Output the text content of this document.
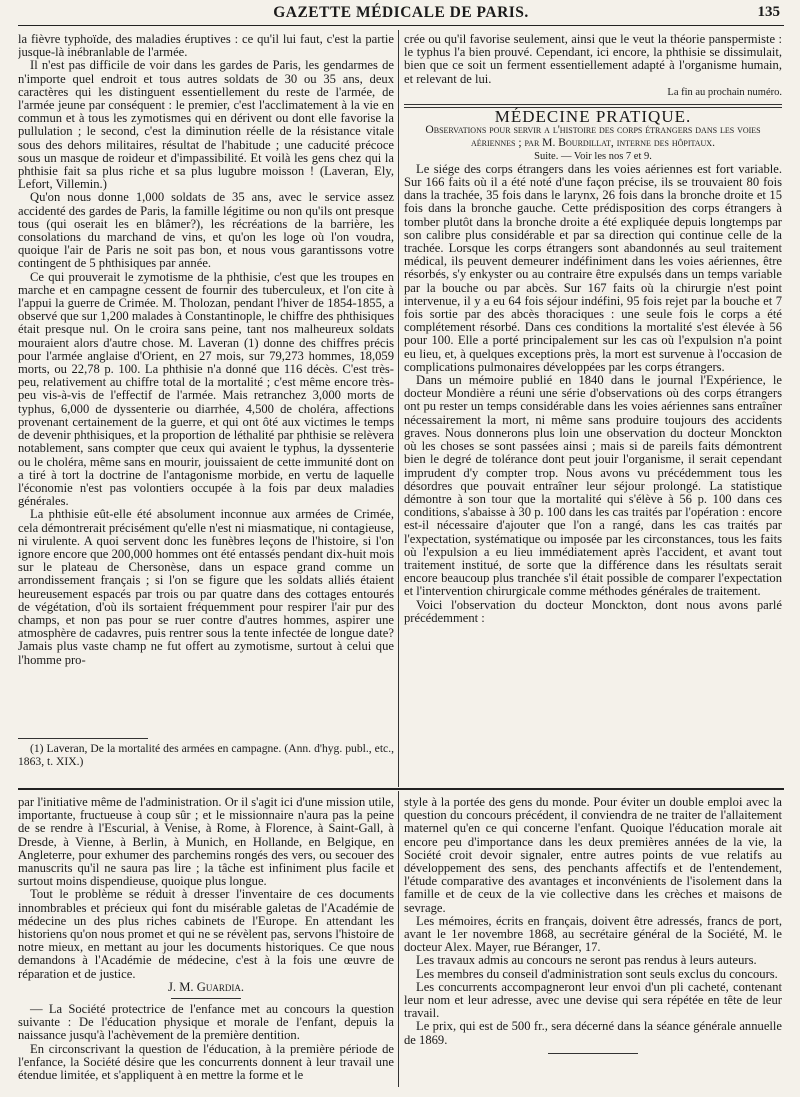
GAZETTE MÉDICALE DE PARIS.	135

la fièvre typhoïde, des maladies éruptives : ce qu'il lui faut, c'est la partie jusque-là inébranlable de l'armée.

Il n'est pas difficile de voir dans les gardes de Paris, les gendarmes de n'importe quel endroit et tous autres soldats de 30 ou 35 ans, deux caractères qui les distinguent essentiellement du reste de l'armée, de l'armée jeune par conséquent : le premier, c'est l'acclimatement à la vie en commun et à tous les zymotismes qui en dérivent ou dont elle favorise la pullulation ; le second, c'est la diminution réelle de la résistance vitale sous des dehors militaires, résultat de l'habitude ; une caducité précoce sous un masque de roideur et d'impassibilité. Et voilà les gens chez qui la phthisie fait sa plus riche et sa plus lugubre moisson ! (Laveran, Ely, Lefort, Villemin.)

Qu'on nous donne 1,000 soldats de 35 ans, avec le service assez accidenté des gardes de Paris, la famille légitime ou non qu'ils ont presque tous (qui oserait les en blâmer?), les récréations de la barrière, les consolations du marchand de vins, et qu'on les loge où l'on voudra, quoique l'air de Paris ne soit pas bon, et nous vous garantissons votre contingent de 5 phthisiques par année.

Ce qui prouverait le zymotisme de la phthisie, c'est que les troupes en marche et en campagne cessent de fournir des tuberculeux, et l'on cite à l'appui la guerre de Crimée. M. Tholozan, pendant l'hiver de 1854-1855, a observé que sur 1,200 malades à Constantinople, le chiffre des phthisiques était presque nul. On le croira sans peine, tant nos malheureux soldats mouraient alors d'autre chose. M. Laveran (1) donne des chiffres précis pour l'armée anglaise d'Orient, en 27 mois, sur 79,273 hommes, 18,059 morts, ou 22,78 p. 100. La phthisie n'a donné que 116 décès. C'est très-peu, relativement au chiffre total de la mortalité ; c'est même encore très-peu vis-à-vis de l'effectif de l'armée. Mais retranchez 3,000 morts de typhus, 6,000 de dyssenterie ou diarrhée, 4,500 de choléra, affections provenant certainement de la guerre, et qui ont ôté aux victimes le temps de devenir phthisiques, et la proportion de léthalité par phthisie se relèvera notablement, sans compter que ceux qui avaient le typhus, la dyssenterie ou le choléra, même sans en mourir, jouissaient de cette immunité dont on a tiré à tort la doctrine de l'antagonisme morbide, en vertu de laquelle l'économie n'est pas volontiers occupée à la fois par deux maladies générales.

La phthisie eût-elle été absolument inconnue aux armées de Crimée, cela démontrerait précisément qu'elle n'est ni miasmatique, ni contagieuse, ni virulente. A quoi servent donc les funèbres leçons de l'histoire, si l'on ignore encore que 200,000 hommes ont été entassés pendant dix-huit mois sur le plateau de Chersonèse, dans un espace grand comme un arrondissement français ; si l'on se figure que les soldats alliés étaient heureusement espacés par trois ou par quatre dans des cottages entourés de végétation, d'où ils sortaient fréquemment pour respirer l'air pur des champs, et non pas pour se ruer contre d'autres hommes, aspirer une atmosphère de cadavres, puis rentrer sous la tente infectée de longue date? Jamais plus vaste champ ne fut offert au zymotisme, surtout à celui que l'homme pro-

(1) Laveran, De la mortalité des armées en campagne. (Ann. d'hyg. publ., etc., 1863, t. XIX.)

crée ou qu'il favorise seulement, ainsi que le veut la théorie panspermiste : le typhus l'a bien prouvé. Cependant, ici encore, la phthisie se dissimulait, bien que ce soit un ferment essentiellement adapté à l'organisme humain, et relevant de lui.

La fin au prochain numéro.

MÉDECINE PRATIQUE.

Observations pour servir a l'histoire des corps étrangers dans les voies aériennes ; par M. Bourdillat, interne des hôpitaux.

Suite. — Voir les nos 7 et 9.

Le siége des corps étrangers dans les voies aériennes est fort variable. Sur 166 faits où il a été noté d'une façon précise, ils se trouvaient 80 fois dans la trachée, 35 fois dans le larynx, 26 fois dans la bronche droite et 15 fois dans la bronche gauche. Cette prédisposition des corps étrangers à tomber plutôt dans la bronche droite a été expliquée depuis longtemps par son calibre plus considérable et par sa direction qui continue celle de la trachée. Lorsque les corps étrangers sont abandonnés au seul traitement médical, ils peuvent demeurer indéfiniment dans les voies aériennes, être résorbés, s'y enkyster ou au contraire être expulsés dans un temps variable par la bouche ou par abcès. Sur 167 faits où la chirurgie n'est point intervenue, il y a eu 64 fois séjour indéfini, 95 fois rejet par la bouche et 7 fois sortie par des abcès thoraciques : une seule fois le corps a été complétement résorbé. Dans ces conditions la mortalité s'est élevée à 56 pour 100. Elle a porté principalement sur les cas où l'expulsion n'a point eu lieu, et, à quelques exceptions près, la mort est survenue à l'occasion de complications pulmonaires développées par les corps étrangers.

Dans un mémoire publié en 1840 dans le journal l'Expérience, le docteur Mondière a réuni une série d'observations où des corps étrangers ont pu rester un temps considérable dans les voies aériennes sans entraîner nécessairement la mort, ni même sans produire toujours des accidents graves. Nous donnerons plus loin une observation du docteur Monckton où les choses se sont passées ainsi ; mais si de pareils faits démontrent bien le degré de tolérance dont peut jouir l'organisme, il serait cependant imprudent d'y compter trop. Nous avons vu précédemment tous les désordres que pouvait entraîner leur séjour prolongé. La statistique démontre à son tour que la mortalité qui s'élève à 56 p. 100 dans ces conditions, s'abaisse à 30 p. 100 dans les cas traités par l'opération : encore est-il nécessaire d'ajouter que l'on a rangé, dans les cas traités par l'expectation, systématique ou imposée par les circonstances, tous les faits où l'expulsion a eu lieu immédiatement après l'accident, et avant tout traitement institué, de sorte que la différence dans les résultats serait encore beaucoup plus tranchée s'il était possible de comparer l'expectation et l'intervention chirurgicale comme méthodes générales de traitement.

Voici l'observation du docteur Monckton, dont nous avons parlé précédemment :

par l'initiative même de l'administration. Or il s'agit ici d'une mission utile, importante, fructueuse à coup sûr ; et le missionnaire n'aura pas la peine de se rendre à l'Escurial, à Venise, à Rome, à Florence, à Saint-Gall, à Dresde, à Vienne, à Berlin, à Munich, en Hollande, en Belgique, en Angleterre, pour exhumer des parchemins rongés des vers, ou secouer des manuscrits qu'il ne saura pas lire ; la tâche est infiniment plus facile et surtout moins dispendieuse, quoique plus longue.

Tout le problème se réduit à dresser l'inventaire de ces documents innombrables et précieux qui font du misérable galetas de l'Académie de médecine un des plus riches cabinets de l'Europe. En attendant les historiens qu'on nous promet et qui ne se révèlent pas, servons l'histoire de notre mieux, en mettant au jour les documents historiques. Ce que nous demandons à l'Académie de médecine, c'est à la fois une œuvre de réparation et de justice.

J. M. Guardia.

— La Société protectrice de l'enfance met au concours la question suivante : De l'éducation physique et morale de l'enfant, depuis la naissance jusqu'à l'achèvement de la première dentition.

En circonscrivant la question de l'éducation, à la première période de l'enfance, la Société désire que les concurrents donnent à leur travail une étendue limitée, et s'appliquent à en mettre la forme et le

style à la portée des gens du monde. Pour éviter un double emploi avec la question du concours précédent, il conviendra de ne traiter de l'allaitement maternel qu'en ce qui concerne l'enfant. Quoique l'éducation morale ait encore peu d'importance dans les deux premières années de la vie, la Société croit devoir signaler, entre autres points de vue relatifs au développement des sens, des penchants affectifs et de l'entendement, l'étude comparative des avantages et inconvénients de l'isolement dans la famille et de ceux de la vie collective dans les crèches et maisons de sevrage.

Les mémoires, écrits en français, doivent être adressés, francs de port, avant le 1er novembre 1868, au secrétaire général de la Société, M. le docteur Alex. Mayer, rue Béranger, 17.

Les travaux admis au concours ne seront pas rendus à leurs auteurs.

Les membres du conseil d'administration sont seuls exclus du concours.

Les concurrents accompagneront leur envoi d'un pli cacheté, contenant leur nom et leur adresse, avec une devise qui sera répétée en tête de leur travail.

Le prix, qui est de 500 fr., sera décerné dans la séance générale annuelle de 1869.
